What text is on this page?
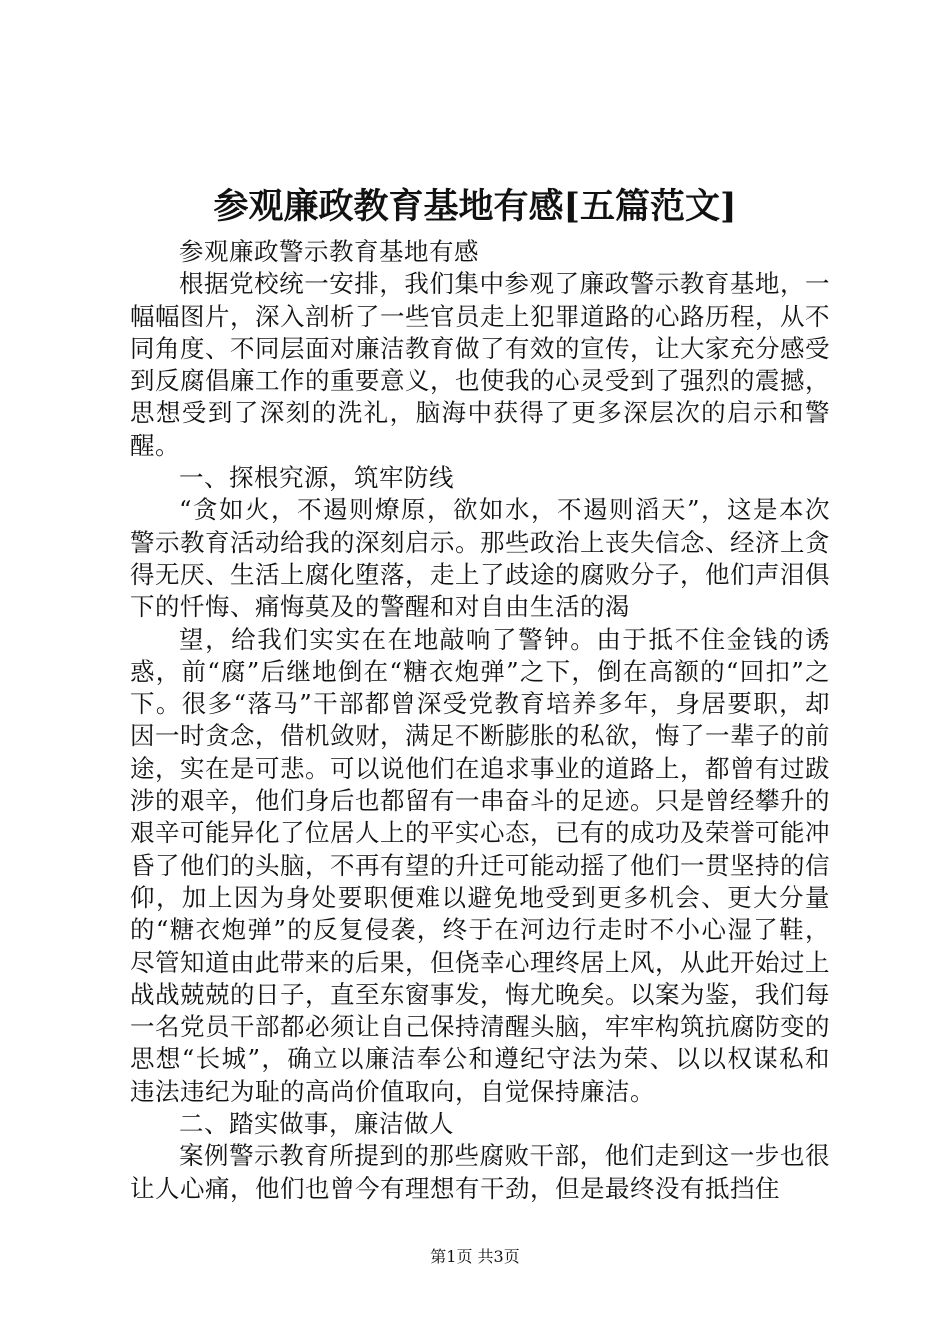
参观廉政教育基地有感[五篇范文]

参观廉政警示教育基地有感

根据党校统一安排，我们集中参观了廉政警示教育基地，一幅幅图片，深入剖析了一些官员走上犯罪道路的心路历程，从不同角度、不同层面对廉洁教育做了有效的宣传，让大家充分感受到反腐倡廉工作的重要意义，也使我的心灵受到了强烈的震撼，思想受到了深刻的洗礼，脑海中获得了更多深层次的启示和警醒。

一、探根究源，筑牢防线

“贪如火，不遏则燎原，欲如水，不遏则滔天”，这是本次警示教育活动给我的深刻启示。那些政治上丧失信念、经济上贪得无厌、生活上腐化堕落，走上了歧途的腐败分子，他们声泪俱下的忏悔、痛悔莫及的警醒和对自由生活的渴

望，给我们实实在在地敲响了警钟。由于抵不住金钱的诱惑，前“腐”后继地倒在“糖衣炮弹”之下，倒在高额的“回扣”之下。很多“落马”干部都曾深受党教育培养多年，身居要职，却因一时贪念，借机敛财，满足不断膨胀的私欲，悔了一辈子的前途，实在是可悲。可以说他们在追求事业的道路上，都曾有过跋涉的艰辛，他们身后也都留有一串奋斗的足迹。只是曾经攀升的艰辛可能异化了位居人上的平实心态，已有的成功及荣誉可能冲昏了他们的头脑，不再有望的升迁可能动摇了他们一贯坚持的信仰，加上因为身处要职便难以避免地受到更多机会、更大分量的“糖衣炮弹”的反复侵袭，终于在河边行走时不小心湿了鞋，尽管知道由此带来的后果，但侥幸心理终居上风，从此开始过上战战兢兢的日子，直至东窗事发，悔尤晚矣。以案为鉴，我们每一名党员干部都必须让自己保持清醒头脑，牢牢构筑抗腐防变的思想“长城”，确立以廉洁奉公和遵纪守法为荣、以以权谋私和违法违纪为耻的高尚价值取向，自觉保持廉洁。

二、踏实做事，廉洁做人

案例警示教育所提到的那些腐败干部，他们走到这一步也很让人心痛，他们也曾今有理想有干劲，但是最终没有抵挡住

第1页 共3页
